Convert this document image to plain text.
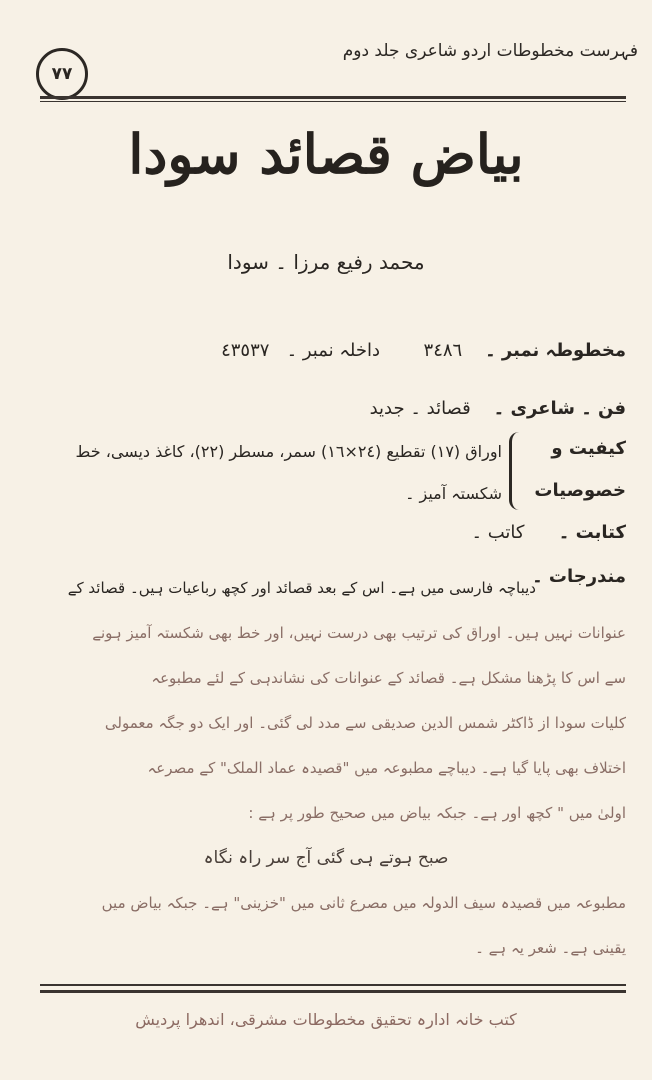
٧٧
فہرست مخطوطات اردو شاعری جلد دوم
بیاض قصائد سودا
محمد رفیع مرزا ۔ سودا
مخطوطہ نمبر ۔    ٣٤٨٦
داخلہ نمبر ۔   ٤٣٥٣٧
فن ۔ شاعری ۔    قصائد ۔ جدید
کیفیت و
خصوصیات
اوراق (١٧) تقطیع (٢٤×١٦) سمر، مسطر (٢٢)، کاغذ دیسی، خط
شکستہ آمیز ۔
کتابت ۔      کاتب ۔
مندرجات ۔
دیباچہ فارسی میں ہے۔ اس کے بعد قصائد اور کچھ رباعیات ہیں۔ قصائد کے
عنوانات نہیں ہیں۔ اوراق کی ترتیب بھی درست نہیں، اور خط بھی شکستہ آمیز ہونے
سے اس کا پڑھنا مشکل ہے۔ قصائد کے عنوانات کی نشاندہی کے لئے مطبوعہ
کلیات سودا از ڈاکٹر شمس الدین صدیقی سے مدد لی گئی۔ اور ایک دو جگہ معمولی
اختلاف بھی پایا گیا ہے۔ دیباچے مطبوعہ میں "قصیدہ عماد الملک" کے مصرعہ
اولیٰ میں " کچھ اور ہے۔ جبکہ بیاض میں صحیح طور پر ہے :
صبح ہوتے ہی گئی آج سر راہ نگاہ
مطبوعہ میں قصیدہ سیف الدولہ میں مصرع ثانی میں "خزینی" ہے۔ جبکہ بیاض میں
یقینی ہے۔ شعر یہ ہے ۔
کتب خانہ ادارہ تحقیق مخطوطات مشرقی، اندھرا پردیش
